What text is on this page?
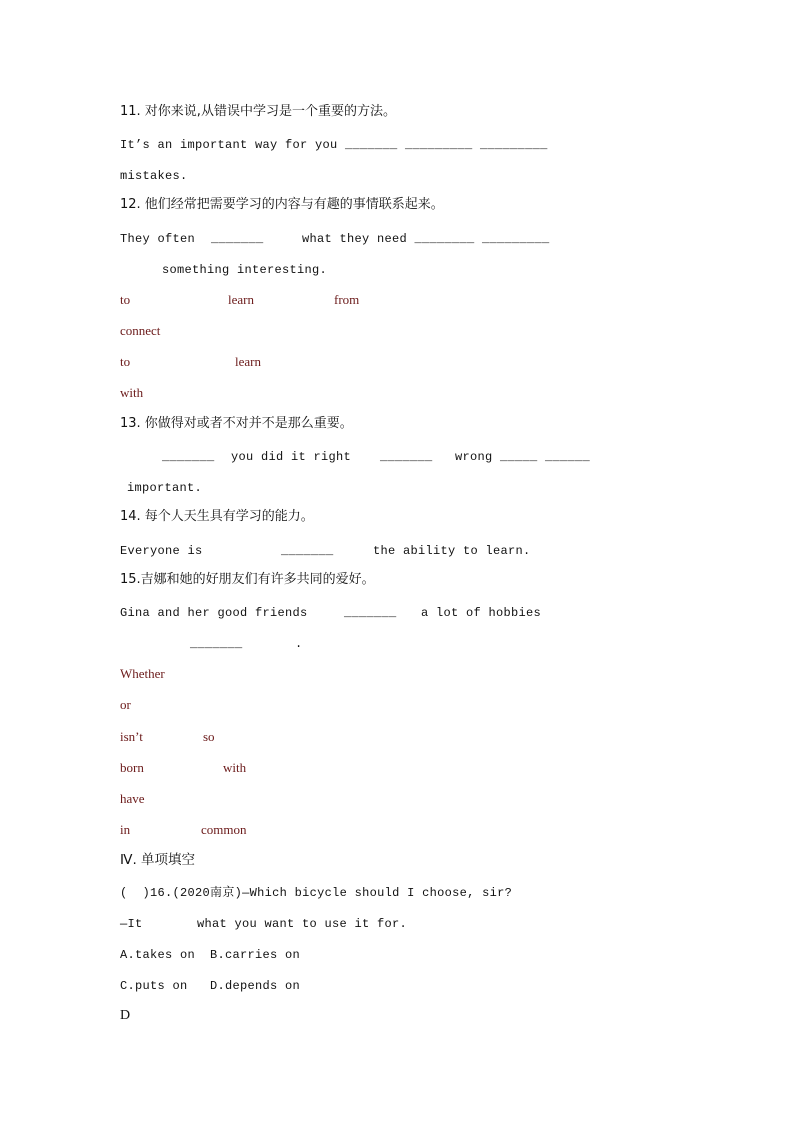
11. 对你来说,从错误中学习是一个重要的方法。
It’s an important way for you _______ _________ _________
mistakes.
12. 他们经常把需要学习的内容与有趣的事情联系起来。
They often _______	what they need ________ _________
something interesting.
to	learn	from
connect
to	learn
with
13. 你做得对或者不对并不是那么重要。
_______ you did it right _______ wrong _____ ______
important.
14. 每个人天生具有学习的能力。
Everyone is	_______	the ability to learn.
15.吉娜和她的好朋友们有许多共同的爱好。
Gina and her good friends	_______ a lot of hobbies
_______	.
Whether
or
isn’t	so
born	with
have
in	common
Ⅳ. 单项填空
(  )16.(2020南京)—Which bicycle should I choose, sir?
—It	what you want to use it for.
A.takes on  B.carries on
C.puts on   D.depends on
D
